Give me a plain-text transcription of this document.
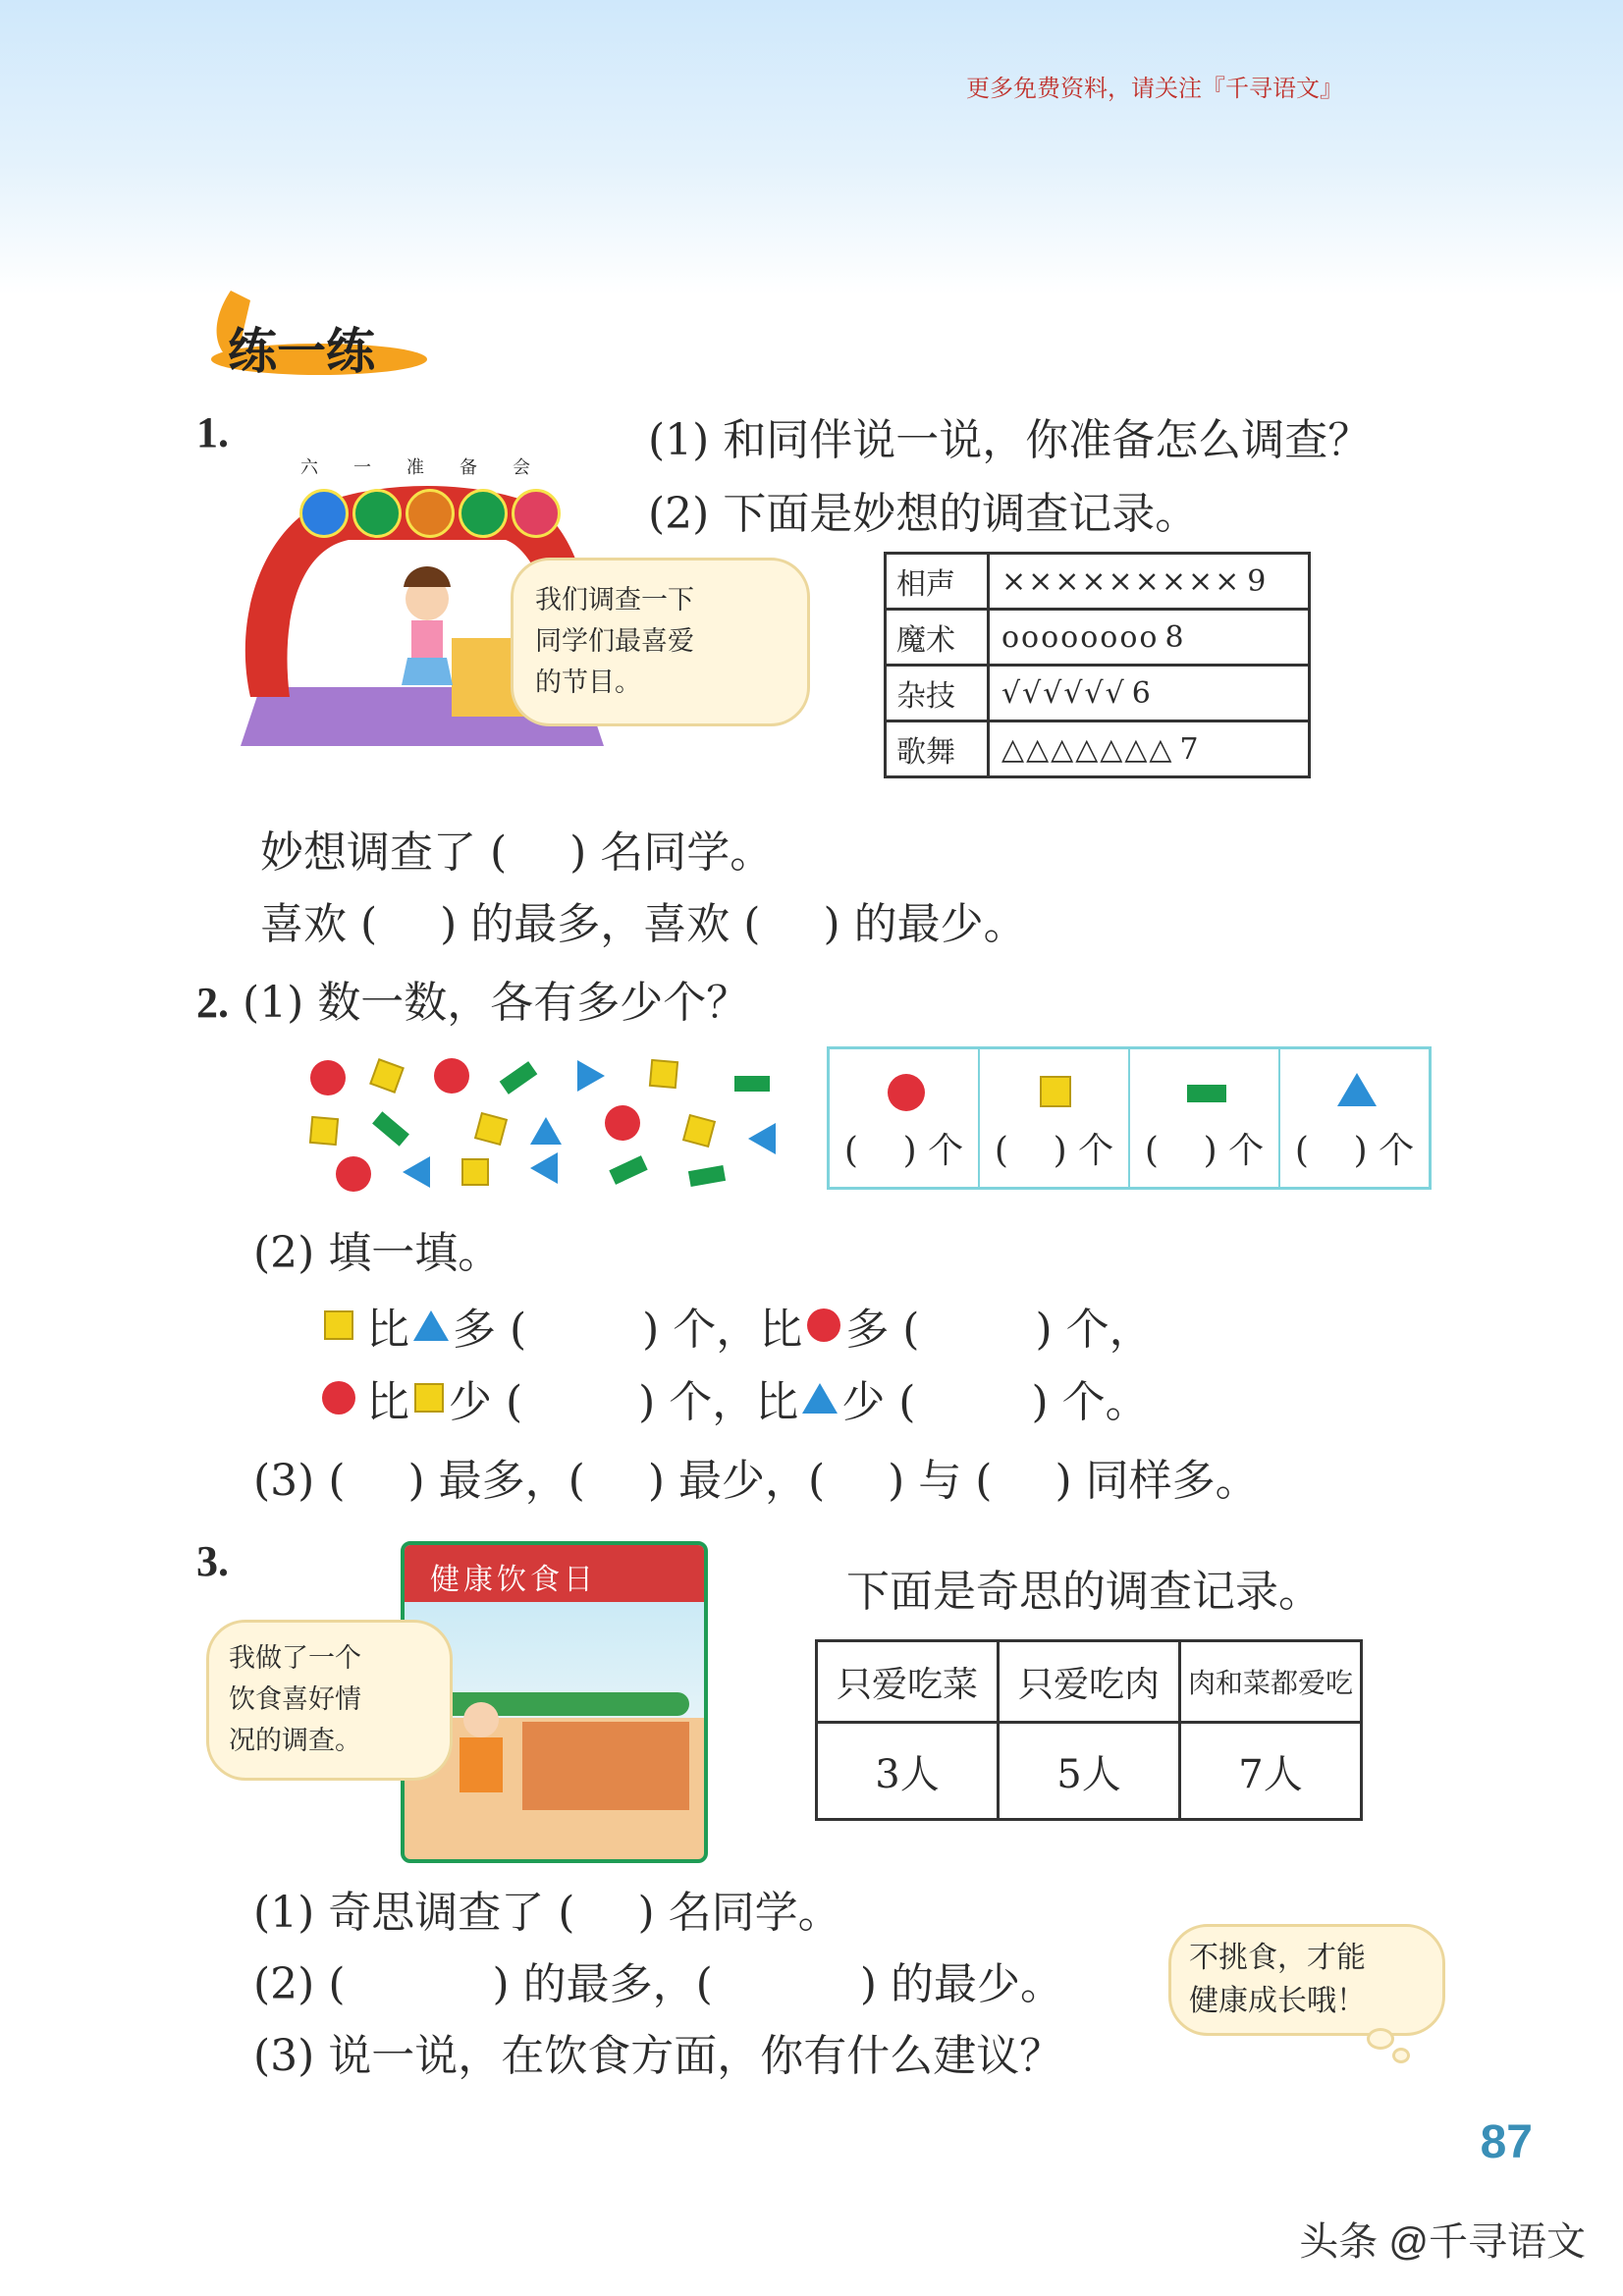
更多免费资料，请关注『千寻语文』
练一练
1.
六一准备会
我们调查一下
同学们最喜爱
的节目。
(1) 和同伴说一说，你准备怎么调查？
(2) 下面是妙想的调查记录。
相声	××××××××× 9
魔术	οοοοοοοο 8
杂技	√√√√√√ 6
歌舞	△△△△△△△ 7
妙想调查了 ( ) 名同学。
喜欢 ( ) 的最多，喜欢 ( ) 的最少。
2. (1) 数一数，各有多少个？
(    ) 个 (    ) 个 (    ) 个 (    ) 个
(2) 填一填。
比 多 (	) 个，比 多 (	) 个，
比 少 (	) 个，比 少 (	) 个。
(3) ( ) 最多，( ) 最少，( ) 与 ( ) 同样多。
3.	健康饮食日
我做了一个
饮食喜好情
况的调查。
下面是奇思的调查记录。
只爱吃菜	只爱吃肉	肉和菜都爱吃
3人	5人	7人
(1) 奇思调查了 ( ) 名同学。
(2) (	) 的最多，(	) 的最少。
(3) 说一说，在饮食方面，你有什么建议？
不挑食，才能
健康成长哦！
87
头条 @千寻语文
